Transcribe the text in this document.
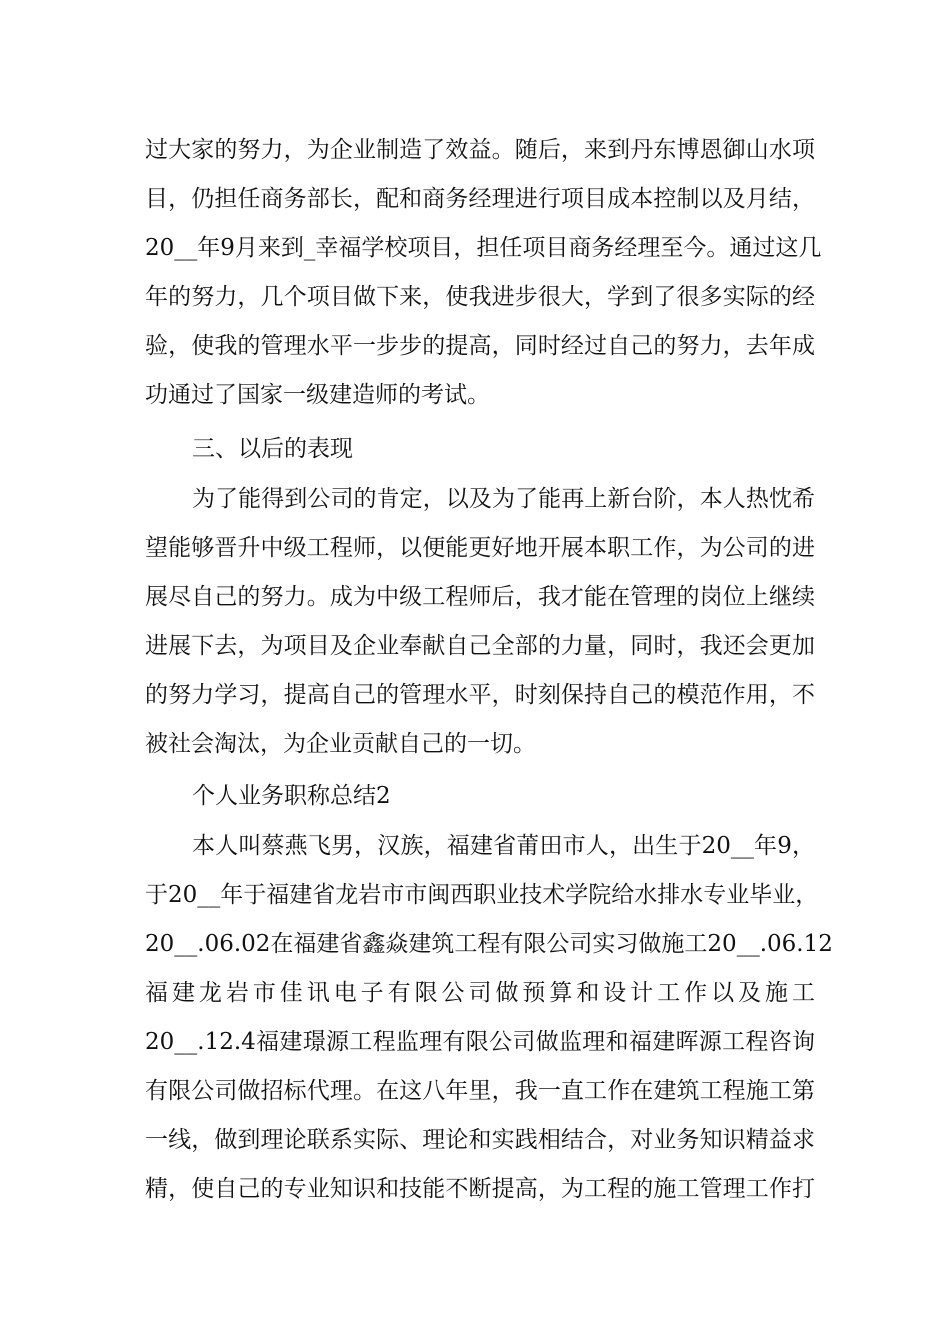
过大家的努力，为企业制造了效益。随后，来到丹东博恩御山水项
目，仍担任商务部长，配和商务经理进行项目成本控制以及月结，
20__年9月来到_幸福学校项目，担任项目商务经理至今。通过这几
年的努力，几个项目做下来，使我进步很大，学到了很多实际的经
验，使我的管理水平一步步的提高，同时经过自己的努力，去年成
功通过了国家一级建造师的考试。
三、以后的表现
为了能得到公司的肯定，以及为了能再上新台阶，本人热忱希
望能够晋升中级工程师，以便能更好地开展本职工作，为公司的进
展尽自己的努力。成为中级工程师后，我才能在管理的岗位上继续
进展下去，为项目及企业奉献自己全部的力量，同时，我还会更加
的努力学习，提高自己的管理水平，时刻保持自己的模范作用，不
被社会淘汰，为企业贡献自己的一切。
个人业务职称总结2
本人叫蔡燕飞男，汉族，福建省莆田市人，出生于20__年9，
于20__年于福建省龙岩市市闽西职业技术学院给水排水专业毕业，
20__.06.02在福建省鑫焱建筑工程有限公司实习做施工20__.06.12
福建龙岩市佳讯电子有限公司做预算和设计工作以及施工
20__.12.4福建璟源工程监理有限公司做监理和福建晖源工程咨询
有限公司做招标代理。在这八年里，我一直工作在建筑工程施工第
一线，做到理论联系实际、理论和实践相结合，对业务知识精益求
精，使自己的专业知识和技能不断提高，为工程的施工管理工作打
